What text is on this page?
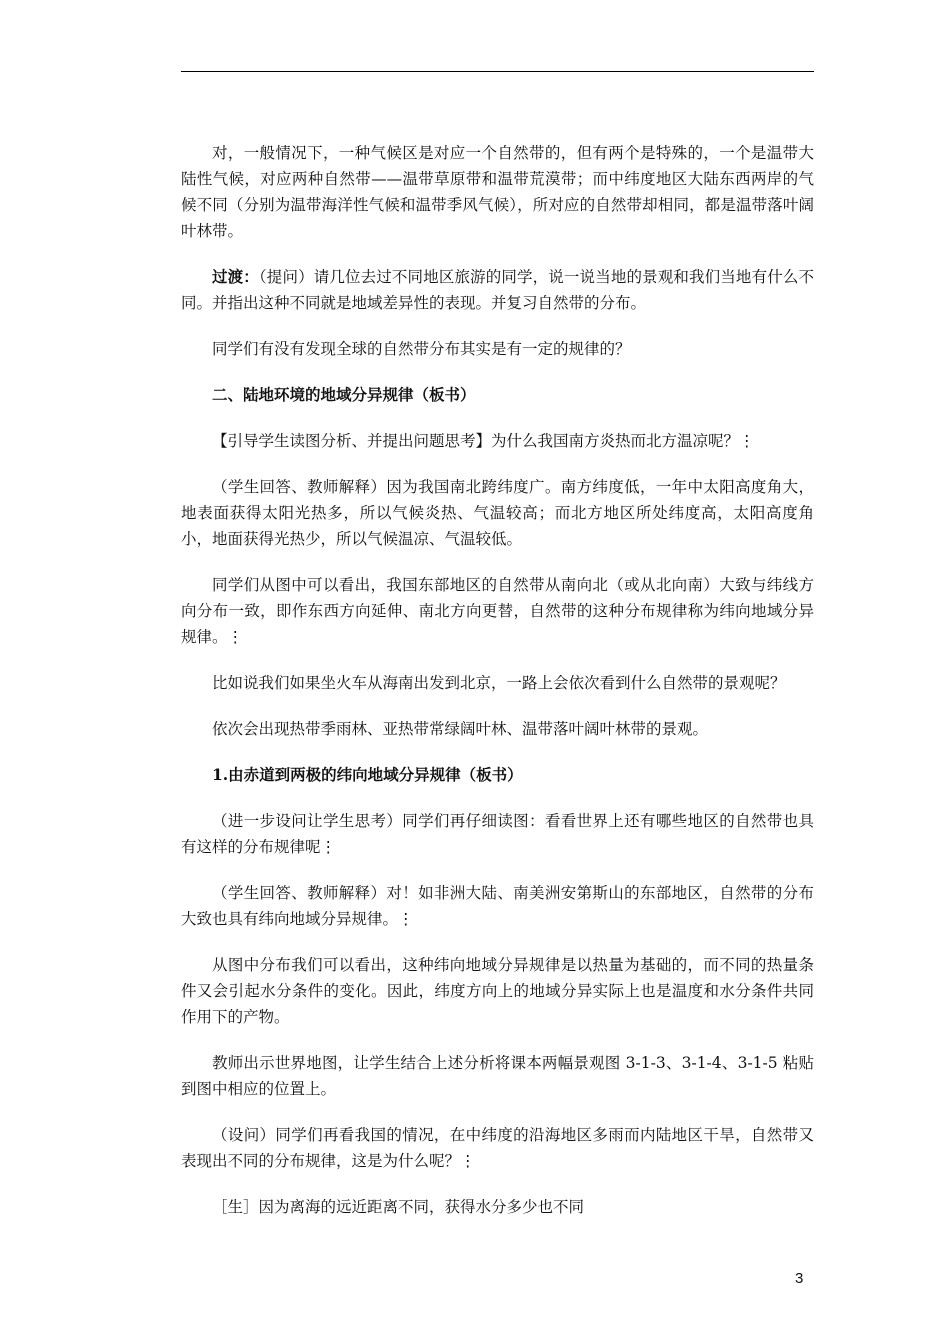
对，一般情况下，一种气候区是对应一个自然带的，但有两个是特殊的，一个是温带大陆性气候，对应两种自然带——温带草原带和温带荒漠带；而中纬度地区大陆东西两岸的气候不同（分别为温带海洋性气候和温带季风气候），所对应的自然带却相同，都是温带落叶阔叶林带。

过渡：（提问）请几位去过不同地区旅游的同学，说一说当地的景观和我们当地有什么不同。并指出这种不同就是地域差异性的表现。并复习自然带的分布。

同学们有没有发现全球的自然带分布其实是有一定的规律的？

二、陆地环境的地域分异规律（板书）

【引导学生读图分析、并提出问题思考】为什么我国南方炎热而北方温凉呢？⋮

（学生回答、教师解释）因为我国南北跨纬度广。南方纬度低，一年中太阳高度角大，地表面获得太阳光热多，所以气候炎热、气温较高；而北方地区所处纬度高，太阳高度角小，地面获得光热少，所以气候温凉、气温较低。

同学们从图中可以看出，我国东部地区的自然带从南向北（或从北向南）大致与纬线方向分布一致，即作东西方向延伸、南北方向更替，自然带的这种分布规律称为纬向地域分异规律。⋮

比如说我们如果坐火车从海南出发到北京，一路上会依次看到什么自然带的景观呢？

依次会出现热带季雨林、亚热带常绿阔叶林、温带落叶阔叶林带的景观。

1.由赤道到两极的纬向地域分异规律（板书）

（进一步设问让学生思考）同学们再仔细读图：看看世界上还有哪些地区的自然带也具有这样的分布规律呢⋮

（学生回答、教师解释）对！如非洲大陆、南美洲安第斯山的东部地区，自然带的分布大致也具有纬向地域分异规律。⋮

从图中分布我们可以看出，这种纬向地域分异规律是以热量为基础的，而不同的热量条件又会引起水分条件的变化。因此，纬度方向上的地域分异实际上也是温度和水分条件共同作用下的产物。

教师出示世界地图，让学生结合上述分析将课本两幅景观图 3-1-3、3-1-4、3-1-5 粘贴到图中相应的位置上。

（设问）同学们再看我国的情况，在中纬度的沿海地区多雨而内陆地区干旱，自然带又表现出不同的分布规律，这是为什么呢？⋮

［生］因为离海的远近距离不同，获得水分多少也不同

3
